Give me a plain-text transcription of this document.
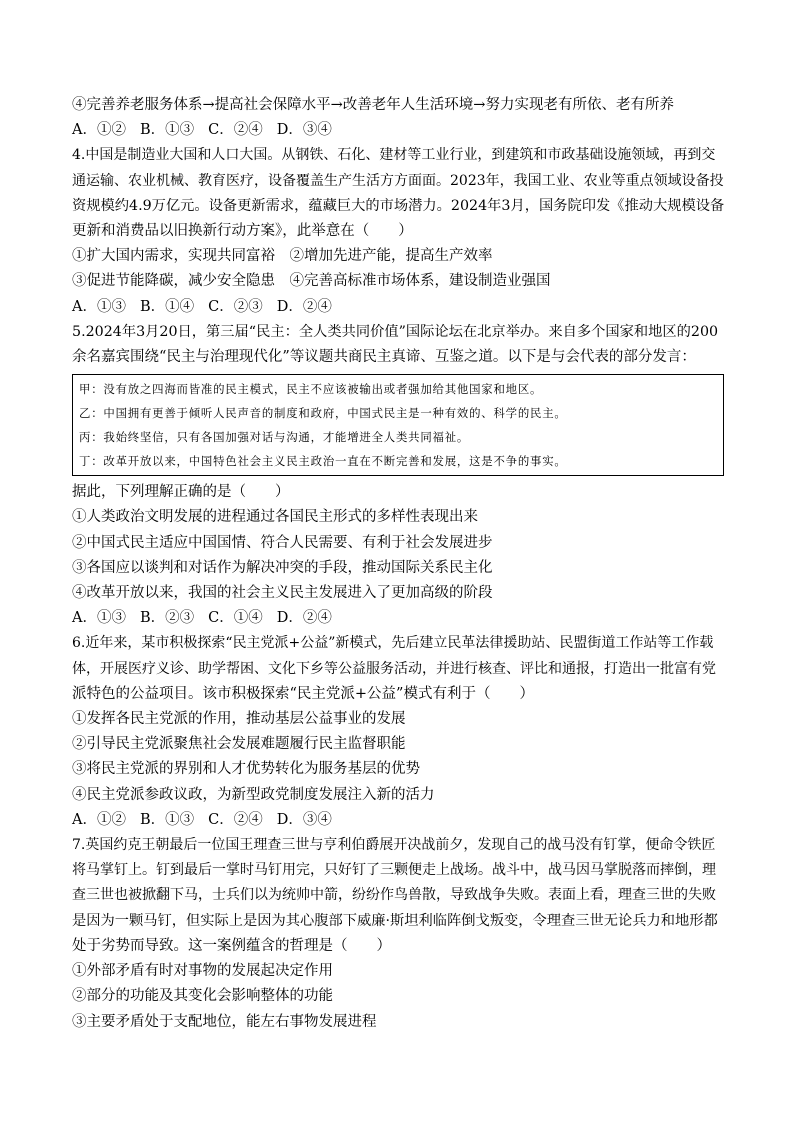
④完善养老服务体系→提高社会保障水平→改善老年人生活环境→努力实现老有所依、老有所养
A．①② B．①③ C．②④ D．③④
4.中国是制造业大国和人口大国。从钢铁、石化、建材等工业行业，到建筑和市政基础设施领域，再到交
通运输、农业机械、教育医疗，设备覆盖生产生活方方面面。2023年，我国工业、农业等重点领域设备投
资规模约4.9万亿元。设备更新需求，蕴藏巨大的市场潜力。2024年3月，国务院印发《推动大规模设备
更新和消费品以旧换新行动方案》，此举意在（　　）
①扩大国内需求，实现共同富裕　②增加先进产能，提高生产效率
③促进节能降碳，减少安全隐患　④完善高标准市场体系，建设制造业强国
A．①③ B．①④ C．②③ D．②④
5.2024年3月20日，第三届“民主：全人类共同价值”国际论坛在北京举办。来自多个国家和地区的200
余名嘉宾围绕“民主与治理现代化”等议题共商民主真谛、互鉴之道。以下是与会代表的部分发言：
甲：没有放之四海而皆准的民主模式，民主不应该被输出或者强加给其他国家和地区。
乙：中国拥有更善于倾听人民声音的制度和政府，中国式民主是一种有效的、科学的民主。
丙：我始终坚信，只有各国加强对话与沟通，才能增进全人类共同福祉。
丁：改革开放以来，中国特色社会主义民主政治一直在不断完善和发展，这是不争的事实。
据此，下列理解正确的是（　　）
①人类政治文明发展的进程通过各国民主形式的多样性表现出来
②中国式民主适应中国国情、符合人民需要、有利于社会发展进步
③各国应以谈判和对话作为解决冲突的手段，推动国际关系民主化
④改革开放以来，我国的社会主义民主发展进入了更加高级的阶段
A．①③ B．②③ C．①④ D．②④
6.近年来，某市积极探索“民主党派+公益”新模式，先后建立民革法律援助站、民盟街道工作站等工作载
体，开展医疗义诊、助学帮困、文化下乡等公益服务活动，并进行核查、评比和通报，打造出一批富有党
派特色的公益项目。该市积极探索“民主党派+公益”模式有利于（　　）
①发挥各民主党派的作用，推动基层公益事业的发展
②引导民主党派聚焦社会发展难题履行民主监督职能
③将民主党派的界别和人才优势转化为服务基层的优势
④民主党派参政议政，为新型政党制度发展注入新的活力
A．①② B．①③ C．②④ D．③④
7.英国约克王朝最后一位国王理查三世与亨利伯爵展开决战前夕，发现自己的战马没有钉掌，便命令铁匠
将马掌钉上。钉到最后一掌时马钉用完，只好钉了三颗便走上战场。战斗中，战马因马掌脱落而摔倒，理
查三世也被掀翻下马，士兵们以为统帅中箭，纷纷作鸟兽散，导致战争失败。表面上看，理查三世的失败
是因为一颗马钉，但实际上是因为其心腹部下威廉·斯坦利临阵倒戈叛变，令理查三世无论兵力和地形都
处于劣势而导致。这一案例蕴含的哲理是（　　）
①外部矛盾有时对事物的发展起决定作用
②部分的功能及其变化会影响整体的功能
③主要矛盾处于支配地位，能左右事物发展进程
